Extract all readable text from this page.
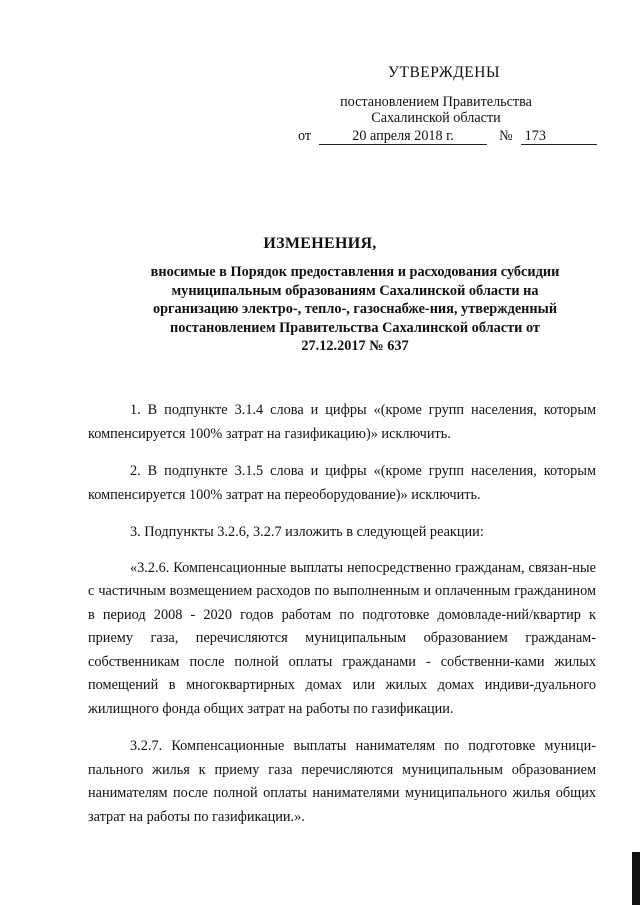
УТВЕРЖДЕНЫ
постановлением Правительства
Сахалинской области
от	20 апреля 2018 г.	№ 173
ИЗМЕНЕНИЯ,
вносимые в Порядок предоставления и расходования субсидии муниципальным образованиям Сахалинской области на организацию электро-, тепло-, газоснабже-ния, утвержденный постановлением Правительства Сахалинской области от 27.12.2017 № 637

1. В подпункте 3.1.4 слова и цифры «(кроме групп населения, которым компенсируется 100% затрат на газификацию)» исключить.

2. В подпункте 3.1.5 слова и цифры «(кроме групп населения, которым компенсируется 100% затрат на переоборудование)» исключить.

3. Подпункты 3.2.6, 3.2.7 изложить в следующей реакции:

«3.2.6. Компенсационные выплаты непосредственно гражданам, связан-ные с частичным возмещением расходов по выполненным и оплаченным гражданином в период 2008 - 2020 годов работам по подготовке домовладе-ний/квартир к приему газа, перечисляются муниципальным образованием гражданам-собственникам после полной оплаты гражданами - собственни-ками жилых помещений в многоквартирных домах или жилых домах индиви-дуального жилищного фонда общих затрат на работы по газификации.

3.2.7. Компенсационные выплаты нанимателям по подготовке муници-пального жилья к приему газа перечисляются муниципальным образованием нанимателям после полной оплаты нанимателями муниципального жилья общих затрат на работы по газификации.».
